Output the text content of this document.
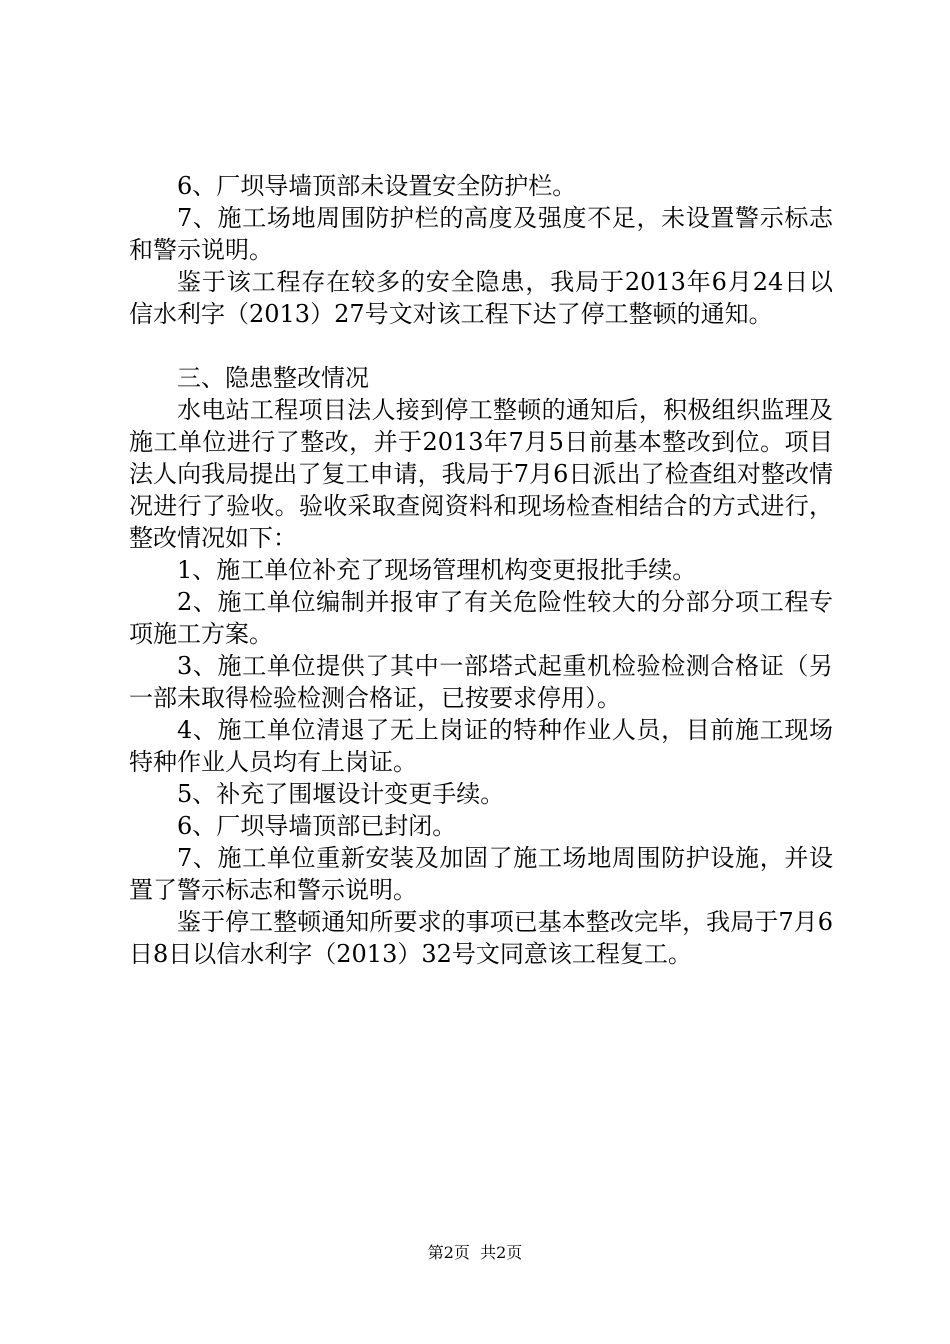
6、厂坝导墙顶部未设置安全防护栏。

7、施工场地周围防护栏的高度及强度不足，未设置警示标志和警示说明。

鉴于该工程存在较多的安全隐患，我局于2013年6月24日以信水利字（2013）27号文对该工程下达了停工整顿的通知。

三、隐患整改情况

水电站工程项目法人接到停工整顿的通知后，积极组织监理及施工单位进行了整改，并于2013年7月5日前基本整改到位。项目法人向我局提出了复工申请，我局于7月6日派出了检查组对整改情况进行了验收。验收采取查阅资料和现场检查相结合的方式进行，整改情况如下：

1、施工单位补充了现场管理机构变更报批手续。

2、施工单位编制并报审了有关危险性较大的分部分项工程专项施工方案。

3、施工单位提供了其中一部塔式起重机检验检测合格证（另一部未取得检验检测合格证，已按要求停用）。

4、施工单位清退了无上岗证的特种作业人员，目前施工现场特种作业人员均有上岗证。

5、补充了围堰设计变更手续。

6、厂坝导墙顶部已封闭。

7、施工单位重新安装及加固了施工场地周围防护设施，并设置了警示标志和警示说明。

鉴于停工整顿通知所要求的事项已基本整改完毕，我局于7月6日8日以信水利字（2013）32号文同意该工程复工。

第2页  共2页
